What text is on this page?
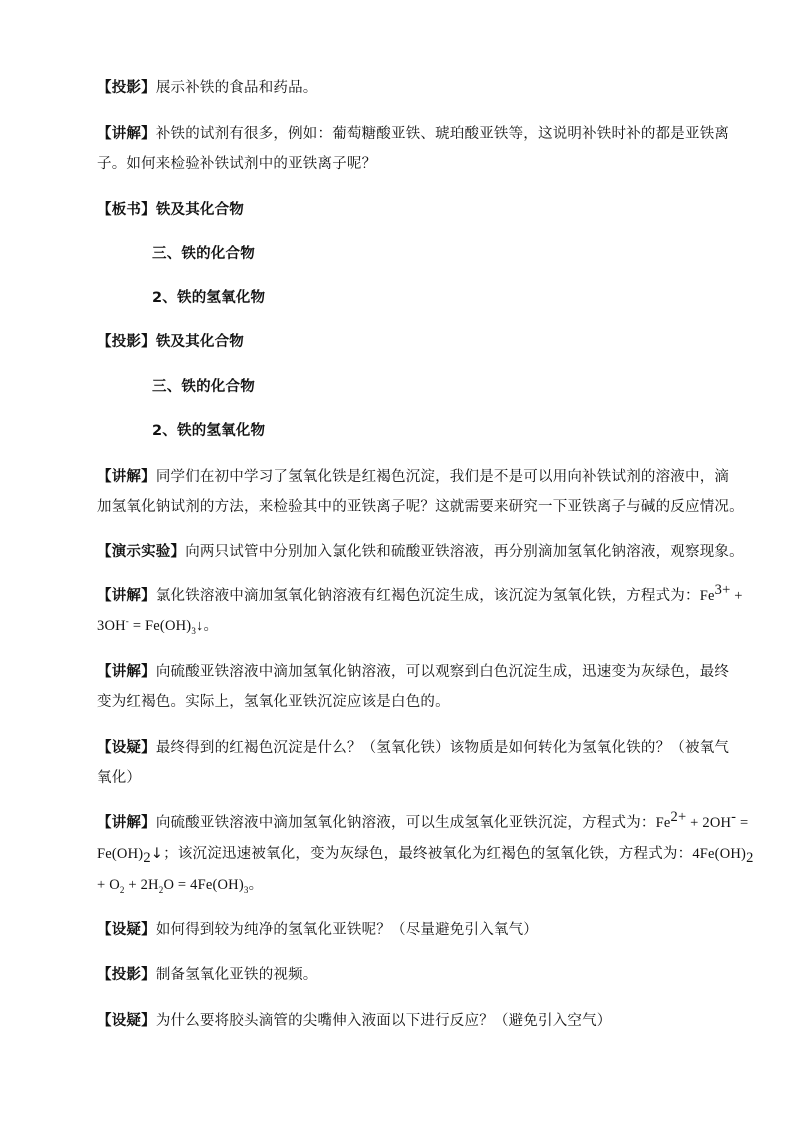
【投影】展示补铁的食品和药品。
【讲解】补铁的试剂有很多，例如：葡萄糖酸亚铁、琥珀酸亚铁等，这说明补铁时补的都是亚铁离
子。如何来检验补铁试剂中的亚铁离子呢？
【板书】铁及其化合物
三、铁的化合物
2、铁的氢氧化物
【投影】铁及其化合物
三、铁的化合物
2、铁的氢氧化物
【讲解】同学们在初中学习了氢氧化铁是红褐色沉淀，我们是不是可以用向补铁试剂的溶液中，滴
加氢氧化钠试剂的方法，来检验其中的亚铁离子呢？这就需要来研究一下亚铁离子与碱的反应情况。
【演示实验】向两只试管中分别加入氯化铁和硫酸亚铁溶液，再分别滴加氢氧化钠溶液，观察现象。
【讲解】氯化铁溶液中滴加氢氧化钠溶液有红褐色沉淀生成，该沉淀为氢氧化铁，方程式为：$Fe^{3+}$ +
$3OH^- = Fe(OH)_3↓$。
【讲解】向硫酸亚铁溶液中滴加氢氧化钠溶液，可以观察到白色沉淀生成，迅速变为灰绿色，最终
变为红褐色。实际上，氢氧化亚铁沉淀应该是白色的。
【设疑】最终得到的红褐色沉淀是什么？（氢氧化铁）该物质是如何转化为氢氧化铁的？（被氧气
氧化）
【讲解】向硫酸亚铁溶液中滴加氢氧化钠溶液，可以生成氢氧化亚铁沉淀，方程式为：$Fe^{2+} + 2OH^-$ =
$Fe(OH)_2↓$；该沉淀迅速被氧化，变为灰绿色，最终被氧化为红褐色的氢氧化铁，方程式为：$4Fe(OH)_2$
+ $O_2 + 2H_2O = 4Fe(OH)_3$。
【设疑】如何得到较为纯净的氢氧化亚铁呢？（尽量避免引入氧气）
【投影】制备氢氧化亚铁的视频。
【设疑】为什么要将胶头滴管的尖嘴伸入液面以下进行反应？（避免引入空气）
